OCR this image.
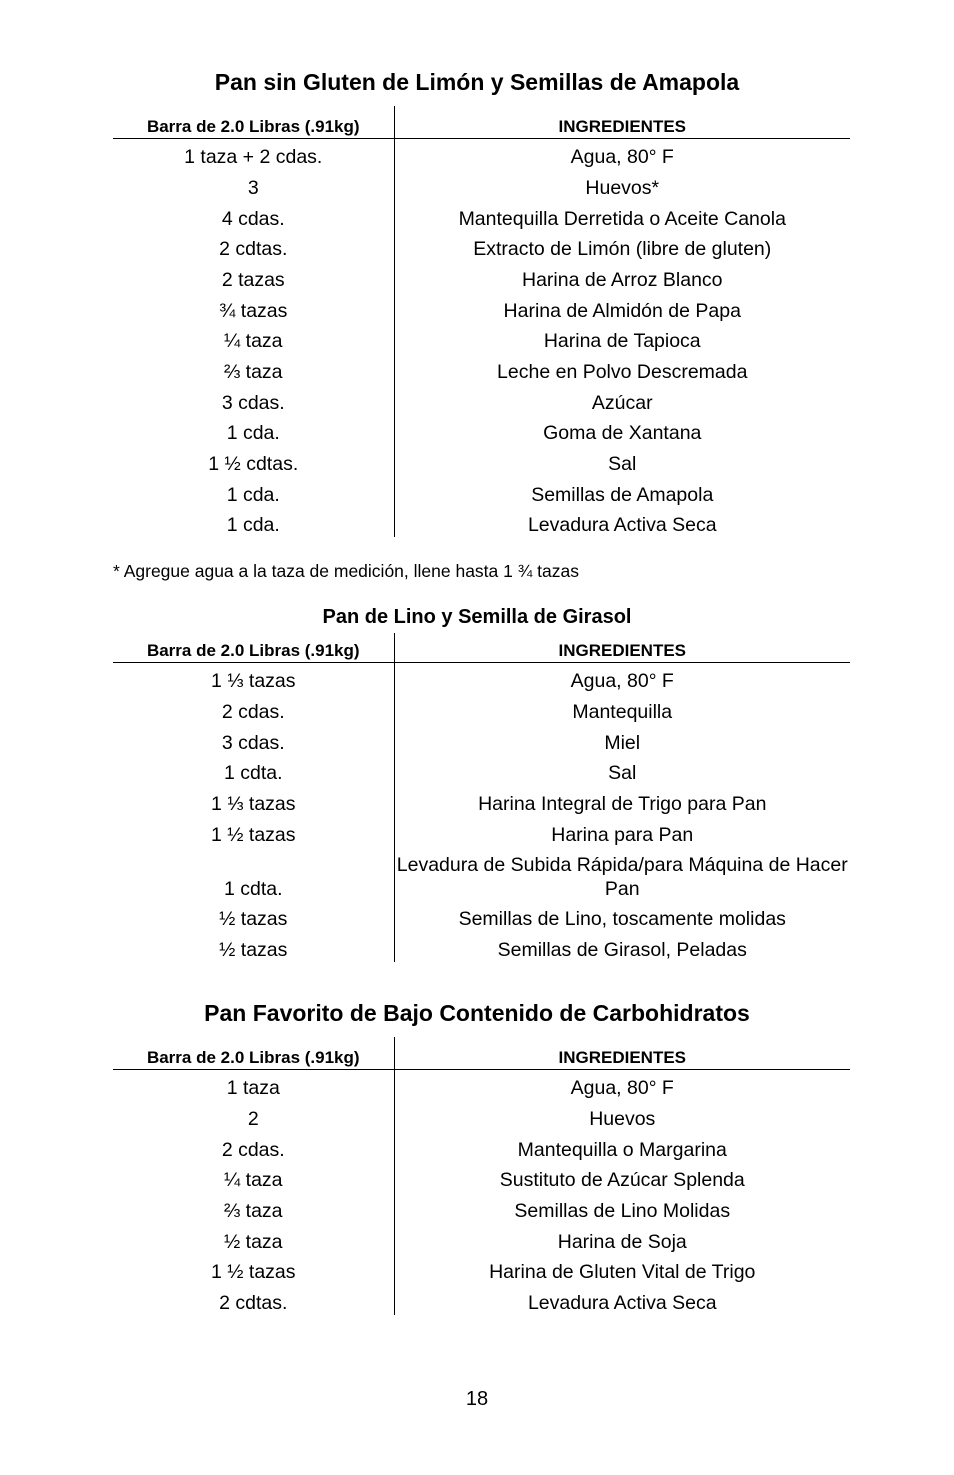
Pan sin Gluten de Limón y Semillas de Amapola
Barra de 2.0 Libras (.91kg)	INGREDIENTES
1 taza + 2 cdas.	Agua, 80° F
3	Huevos*
4 cdas.	Mantequilla Derretida o Aceite Canola
2 cdtas.	Extracto de Limón (libre de gluten)
2 tazas	Harina de Arroz Blanco
¾ tazas	Harina de Almidón de Papa
¼ taza	Harina de Tapioca
⅔ taza	Leche en Polvo Descremada
3 cdas.	Azúcar
1 cda.	Goma de Xantana
1 ½ cdtas.	Sal
1 cda.	Semillas de Amapola
1 cda.	Levadura Activa Seca

* Agregue agua a la taza de medición, llene hasta 1 ¾ tazas

Pan de Lino y Semilla de Girasol
Barra de 2.0 Libras (.91kg)	INGREDIENTES
1 ⅓ tazas	Agua, 80° F
2 cdas.	Mantequilla
3 cdas.	Miel
1 cdta.	Sal
1 ⅓ tazas	Harina Integral de Trigo para Pan
1 ½ tazas	Harina para Pan
1 cdta.	Levadura de Subida Rápida/para Máquina de Hacer Pan
½ tazas	Semillas de Lino, toscamente molidas
½ tazas	Semillas de Girasol, Peladas
Pan Favorito de Bajo Contenido de Carbohidratos
Barra de 2.0 Libras (.91kg)	INGREDIENTES
1 taza	Agua, 80° F
2	Huevos
2 cdas.	Mantequilla o Margarina
¼ taza	Sustituto de Azúcar Splenda
⅔ taza	Semillas de Lino Molidas
½ taza	Harina de Soja
1 ½ tazas	Harina de Gluten Vital de Trigo
2 cdtas.	Levadura Activa Seca
18
